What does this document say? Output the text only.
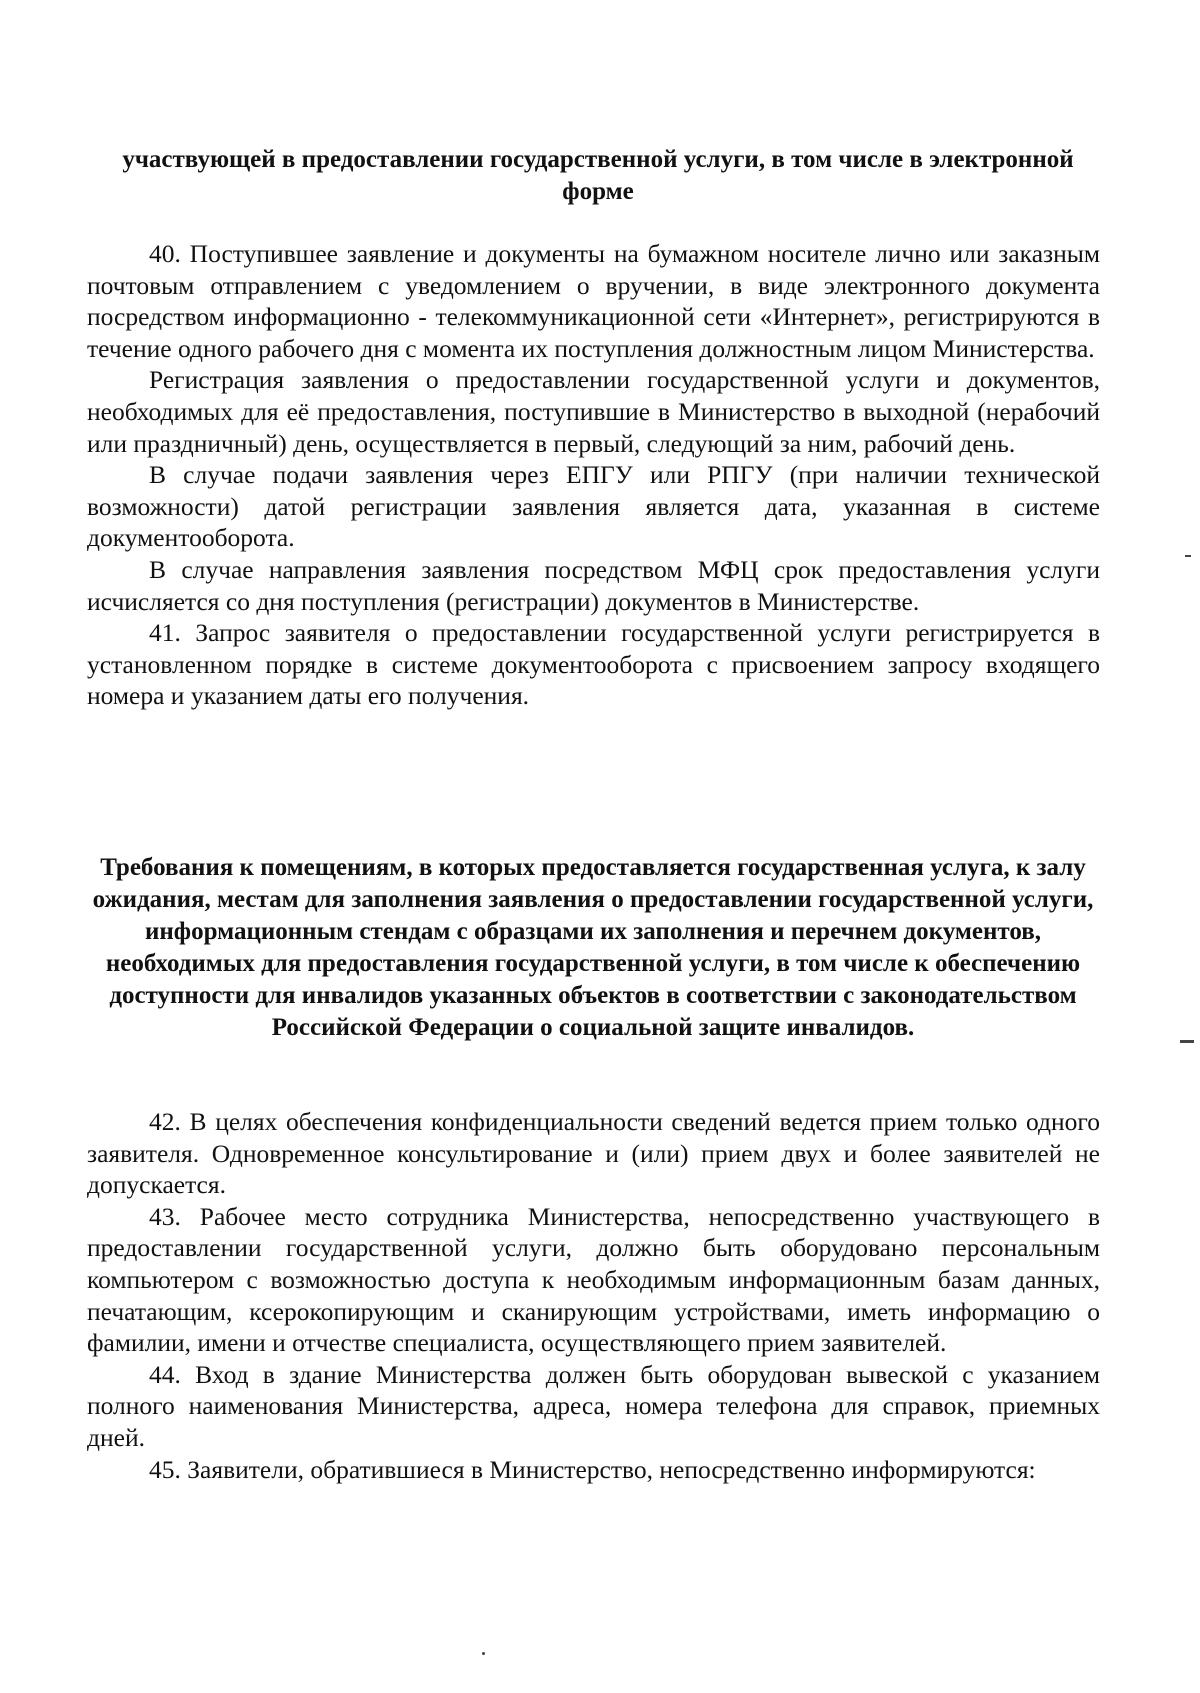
участвующей в предоставлении государственной услуги, в том числе в электронной форме

40. Поступившее заявление и документы на бумажном носителе лично или заказным почтовым отправлением с уведомлением о вручении, в виде электронного документа посредством информационно - телекоммуникационной сети «Интернет», регистрируются в течение одного рабочего дня с момента их поступления должностным лицом Министерства.

Регистрация заявления о предоставлении государственной услуги и документов, необходимых для её предоставления, поступившие в Министерство в выходной (нерабочий или праздничный) день, осуществляется в первый, следующий за ним, рабочий день.

В случае подачи заявления через ЕПГУ или РПГУ (при наличии технической возможности) датой регистрации заявления является дата, указанная в системе документооборота.

В случае направления заявления посредством МФЦ срок предоставления услуги исчисляется со дня поступления (регистрации) документов в Министерстве.

41. Запрос заявителя о предоставлении государственной услуги регистрируется в установленном порядке в системе документооборота с присвоением запросу входящего номера и указанием даты его получения.

Требования к помещениям, в которых предоставляется государственная услуга, к залу ожидания, местам для заполнения заявления о предоставлении государственной услуги, информационным стендам с образцами их заполнения и перечнем документов, необходимых для предоставления государственной услуги, в том числе к обеспечению доступности для инвалидов указанных объектов в соответствии с законодательством Российской Федерации о социальной защите инвалидов.

42. В целях обеспечения конфиденциальности сведений ведется прием только одного заявителя. Одновременное консультирование и (или) прием двух и более заявителей не допускается.

43. Рабочее место сотрудника Министерства, непосредственно участвующего в предоставлении государственной услуги, должно быть оборудовано персональным компьютером с возможностью доступа к необходимым информационным базам данных, печатающим, ксерокопирующим и сканирующим устройствами, иметь информацию о фамилии, имени и отчестве специалиста, осуществляющего прием заявителей.

44. Вход в здание Министерства должен быть оборудован вывеской с указанием полного наименования Министерства, адреса, номера телефона для справок, приемных дней.

45. Заявители, обратившиеся в Министерство, непосредственно информируются:
